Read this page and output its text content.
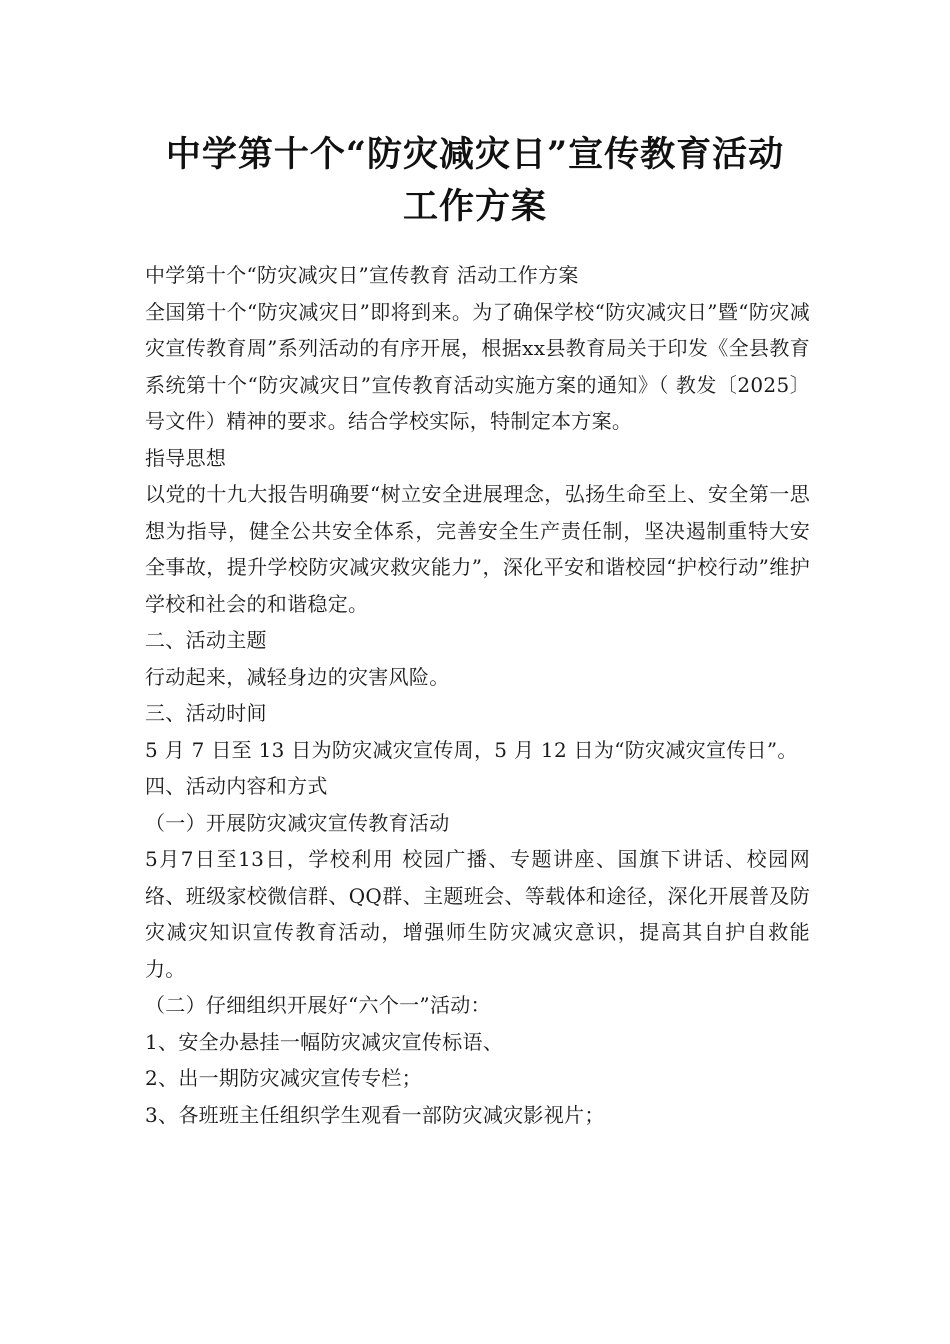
中学第十个“防灾减灾日”宣传教育活动
工作方案

中学第十个“防灾减灾日”宣传教育 活动工作方案

全国第十个“防灾减灾日”即将到来。为了确保学校“防灾减灾日”暨“防灾减灾宣传教育周”系列活动的有序开展，根据xx县教育局关于印发《全县教育系统第十个“防灾减灾日”宣传教育活动实施方案的通知》（ 教发〔2025〕 号文件）精神的要求。结合学校实际，特制定本方案。

指导思想

以党的十九大报告明确要“树立安全进展理念，弘扬生命至上、安全第一思想为指导，健全公共安全体系，完善安全生产责任制，坚决遏制重特大安全事故，提升学校防灾减灾救灾能力”，深化平安和谐校园“护校行动”维护学校和社会的和谐稳定。

二、活动主题

行动起来，减轻身边的灾害风险。

三、活动时间

5 月 7 日至 13 日为防灾减灾宣传周，5 月 12 日为“防灾减灾宣传日”。

四、活动内容和方式

（一）开展防灾减灾宣传教育活动

5月7日至13日，学校利用 校园广播、专题讲座、国旗下讲话、校园网络、班级家校微信群、QQ群、主题班会、等载体和途径，深化开展普及防灾减灾知识宣传教育活动，增强师生防灾减灾意识，提高其自护自救能力。

（二）仔细组织开展好“六个一”活动：

1、安全办悬挂一幅防灾减灾宣传标语、

2、出一期防灾减灾宣传专栏；

3、各班班主任组织学生观看一部防灾减灾影视片；
